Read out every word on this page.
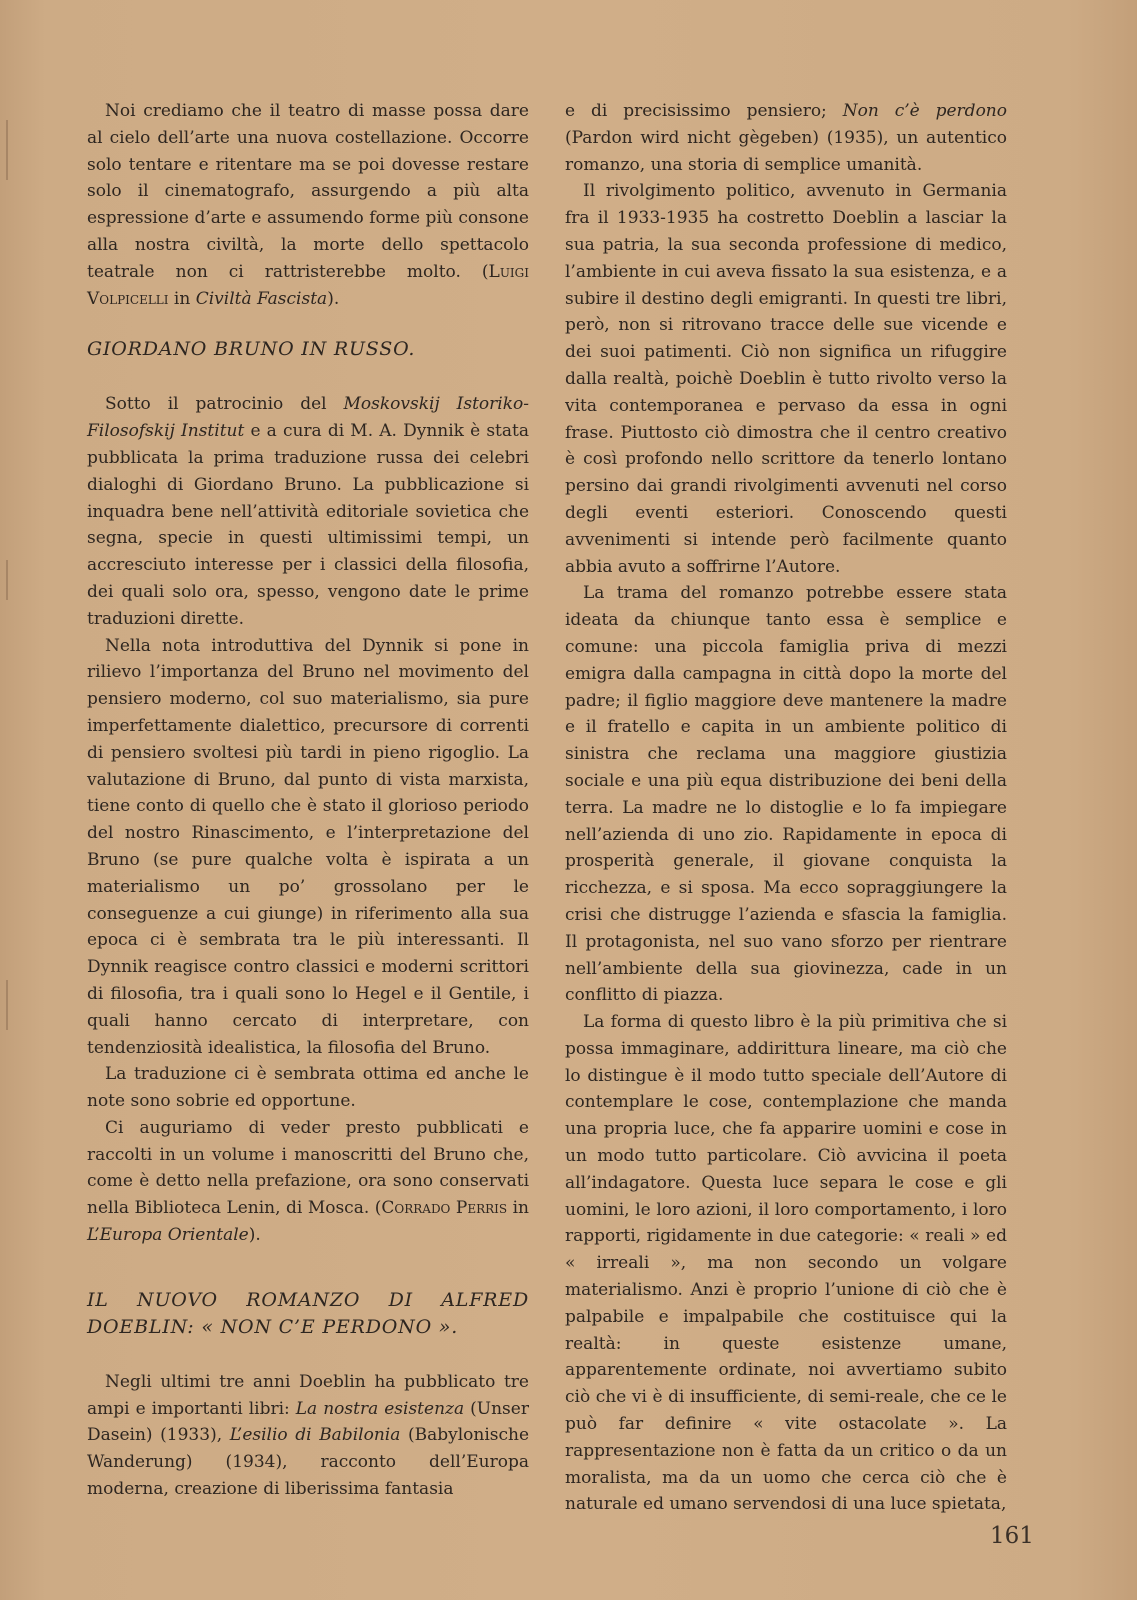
Noi crediamo che il teatro di masse possa dare al cielo dell’arte una nuova costellazione. Occorre solo tentare e ritentare ma se poi dovesse restare solo il cinematografo, assurgendo a più alta espressione d’arte e assumendo forme più consone alla nostra civiltà, la morte dello spettacolo teatrale non ci rattristerebbe molto. (Luigi Volpicelli in Civiltà Fascista).

GIORDANO BRUNO IN RUSSO.

Sotto il patrocinio del Moskovskij Istoriko-Filosofskij Institut e a cura di M. A. Dynnik è stata pubblicata la prima traduzione russa dei celebri dialoghi di Giordano Bruno. La pubblicazione si inquadra bene nell’attività editoriale sovietica che segna, specie in questi ultimissimi tempi, un accresciuto interesse per i classici della filosofia, dei quali solo ora, spesso, vengono date le prime traduzioni dirette.

Nella nota introduttiva del Dynnik si pone in rilievo l’importanza del Bruno nel movimento del pensiero moderno, col suo materialismo, sia pure imperfettamente dialettico, precursore di correnti di pensiero svoltesi più tardi in pieno rigoglio. La valutazione di Bruno, dal punto di vista marxista, tiene conto di quello che è stato il glorioso periodo del nostro Rinascimento, e l’interpretazione del Bruno (se pure qualche volta è ispirata a un materialismo un po’ grossolano per le conseguenze a cui giunge) in riferimento alla sua epoca ci è sembrata tra le più interessanti. Il Dynnik reagisce contro classici e moderni scrittori di filosofia, tra i quali sono lo Hegel e il Gentile, i quali hanno cercato di interpretare, con tendenziosità idealistica, la filosofia del Bruno.

La traduzione ci è sembrata ottima ed anche le note sono sobrie ed opportune.

Ci auguriamo di veder presto pubblicati e raccolti in un volume i manoscritti del Bruno che, come è detto nella prefazione, ora sono conservati nella Biblioteca Lenin, di Mosca. (Corrado Perris in L’Europa Orientale).

IL NUOVO ROMANZO DI ALFRED DOEBLIN: « NON C’E PERDONO ».

Negli ultimi tre anni Doeblin ha pubblicato tre ampi e importanti libri: La nostra esistenza (Unser Dasein) (1933), L’esilio di Babilonia (Babylonische Wanderung) (1934), racconto dell’Europa moderna, creazione di liberissima fantasia

e di precisissimo pensiero; Non c’è perdono (Pardon wird nicht gègeben) (1935), un autentico romanzo, una storia di semplice umanità.

Il rivolgimento politico, avvenuto in Germania fra il 1933-1935 ha costretto Doeblin a lasciar la sua patria, la sua seconda professione di medico, l’ambiente in cui aveva fissato la sua esistenza, e a subire il destino degli emigranti. In questi tre libri, però, non si ritrovano tracce delle sue vicende e dei suoi patimenti. Ciò non significa un rifuggire dalla realtà, poichè Doeblin è tutto rivolto verso la vita contemporanea e pervaso da essa in ogni frase. Piuttosto ciò dimostra che il centro creativo è così profondo nello scrittore da tenerlo lontano persino dai grandi rivolgimenti avvenuti nel corso degli eventi esteriori. Conoscendo questi avvenimenti si intende però facilmente quanto abbia avuto a soffrirne l’Autore.

La trama del romanzo potrebbe essere stata ideata da chiunque tanto essa è semplice e comune: una piccola famiglia priva di mezzi emigra dalla campagna in città dopo la morte del padre; il figlio maggiore deve mantenere la madre e il fratello e capita in un ambiente politico di sinistra che reclama una maggiore giustizia sociale e una più equa distribuzione dei beni della terra. La madre ne lo distoglie e lo fa impiegare nell’azienda di uno zio. Rapidamente in epoca di prosperità generale, il giovane conquista la ricchezza, e si sposa. Ma ecco sopraggiungere la crisi che distrugge l’azienda e sfascia la famiglia. Il protagonista, nel suo vano sforzo per rientrare nell’ambiente della sua giovinezza, cade in un conflitto di piazza.

La forma di questo libro è la più primitiva che si possa immaginare, addirittura lineare, ma ciò che lo distingue è il modo tutto speciale dell’Autore di contemplare le cose, contemplazione che manda una propria luce, che fa apparire uomini e cose in un modo tutto particolare. Ciò avvicina il poeta all’indagatore. Questa luce separa le cose e gli uomini, le loro azioni, il loro comportamento, i loro rapporti, rigidamente in due categorie: « reali » ed « irreali », ma non secondo un volgare materialismo. Anzi è proprio l’unione di ciò che è palpabile e impalpabile che costituisce qui la realtà: in queste esistenze umane, apparentemente ordinate, noi avvertiamo subito ciò che vi è di insufficiente, di semi-reale, che ce le può far definire « vite ostacolate ». La rappresentazione non è fatta da un critico o da un moralista, ma da un uomo che cerca ciò che è naturale ed umano servendosi di una luce spietata,

161
